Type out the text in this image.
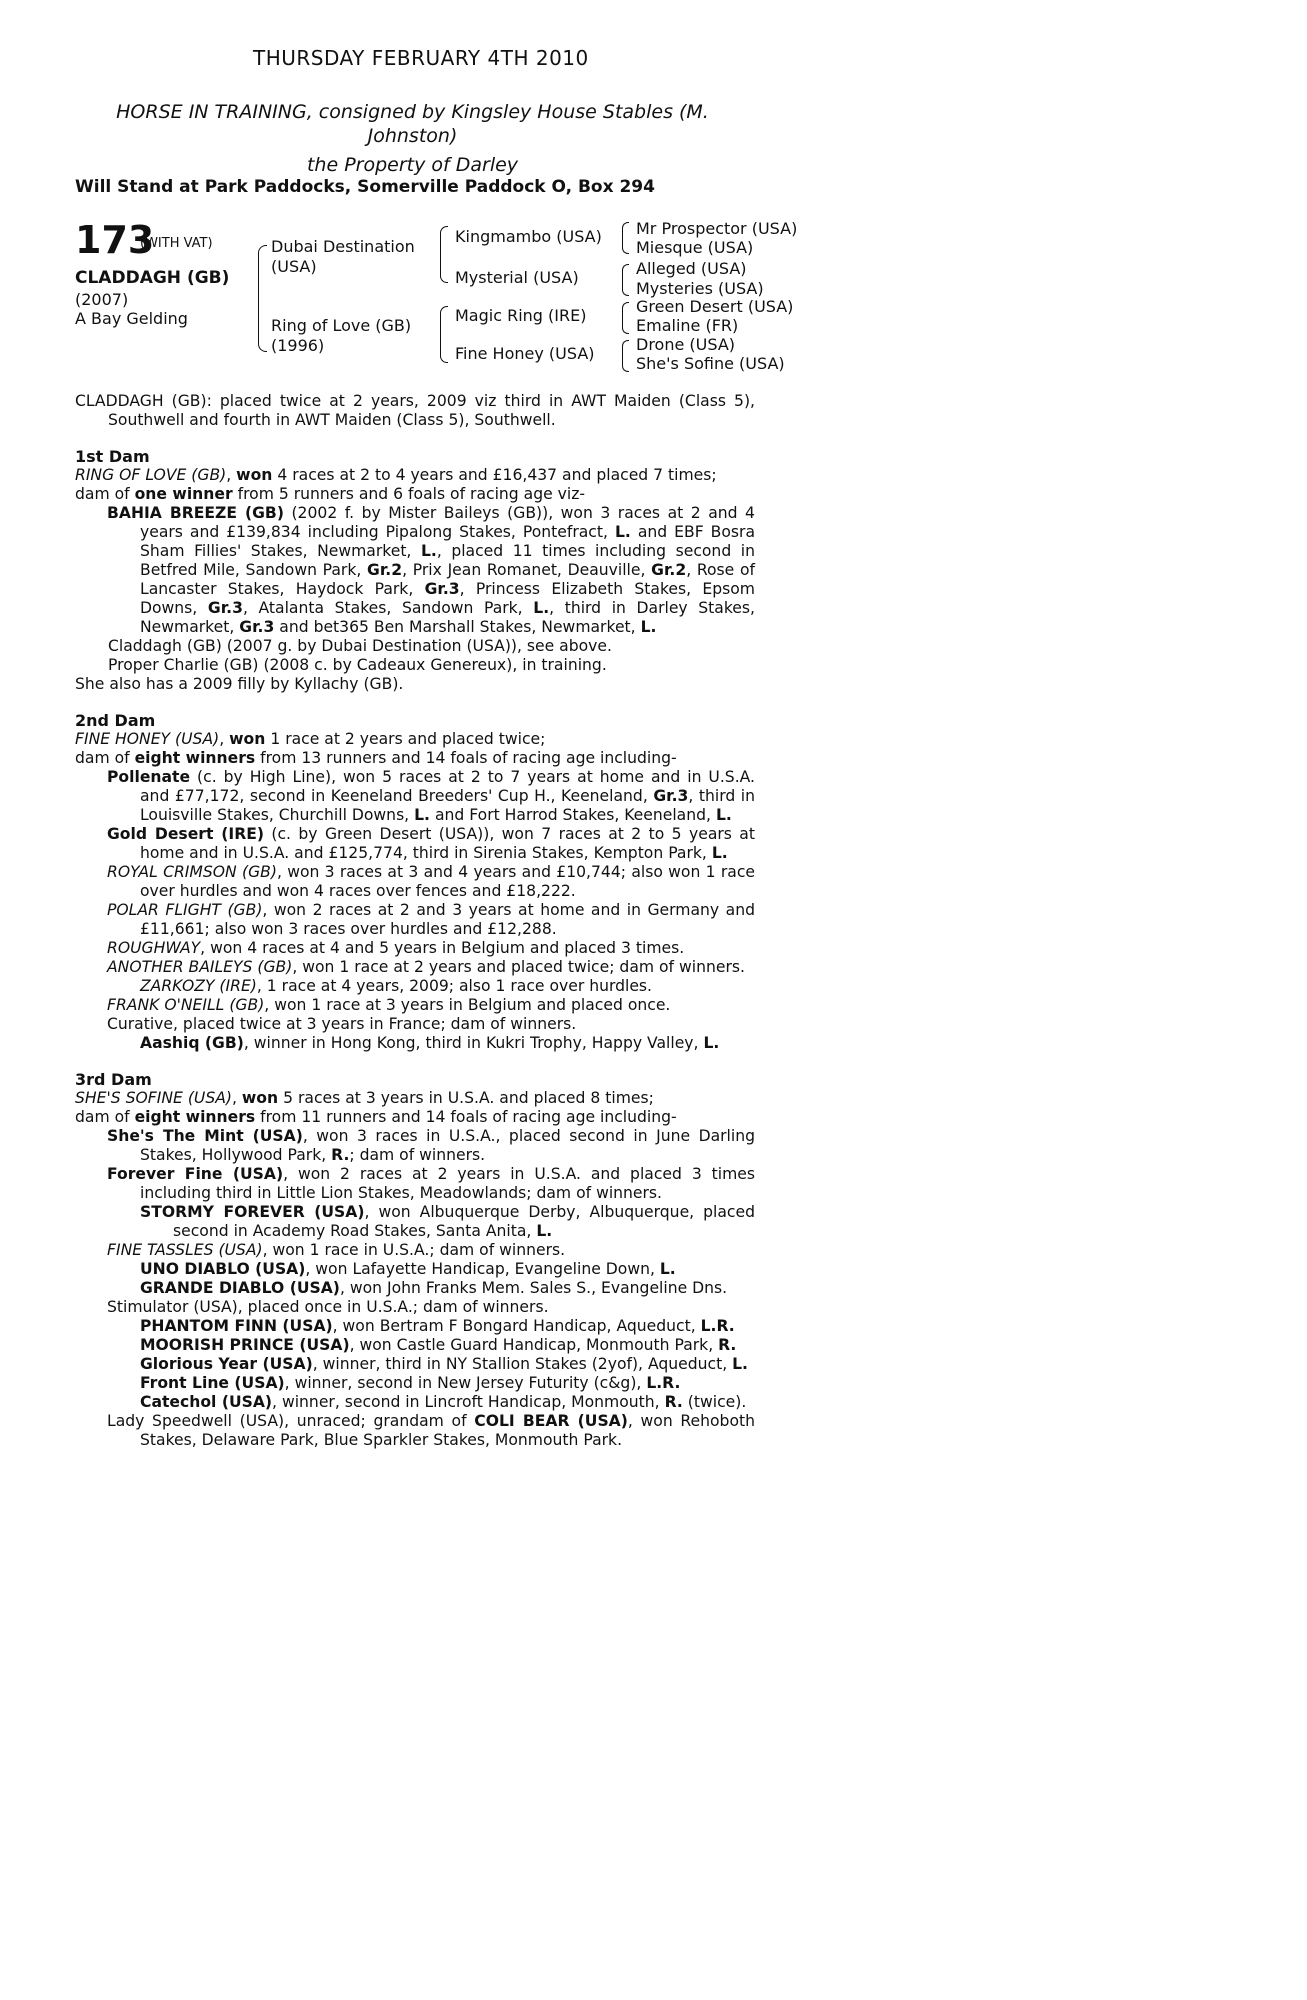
THURSDAY FEBRUARY 4TH 2010
HORSE IN TRAINING, consigned by Kingsley House Stables (M.
Johnston)
the Property of Darley
Will Stand at Park Paddocks, Somerville Paddock O, Box 294
173
(WITH VAT)
CLADDAGH (GB)
(2007)
A Bay Gelding
Dubai Destination
(USA)
Ring of Love (GB)
(1996)
Kingmambo (USA)
Mysterial (USA)
Magic Ring (IRE)
Fine Honey (USA)
Mr Prospector (USA)
Miesque (USA)
Alleged (USA)
Mysteries (USA)
Green Desert (USA)
Emaline (FR)
Drone (USA)
She's Sofine (USA)

CLADDAGH (GB): placed twice at 2 years, 2009 viz third in AWT Maiden (Class 5), Southwell and fourth in AWT Maiden (Class 5), Southwell.

1st Dam

RING OF LOVE (GB), won 4 races at 2 to 4 years and £16,437 and placed 7 times;

dam of one winner from 5 runners and 6 foals of racing age viz-

BAHIA BREEZE (GB) (2002 f. by Mister Baileys (GB)), won 3 races at 2 and 4 years and £139,834 including Pipalong Stakes, Pontefract, L. and EBF Bosra Sham Fillies' Stakes, Newmarket, L., placed 11 times including second in Betfred Mile, Sandown Park, Gr.2, Prix Jean Romanet, Deauville, Gr.2, Rose of Lancaster Stakes, Haydock Park, Gr.3, Princess Elizabeth Stakes, Epsom Downs, Gr.3, Atalanta Stakes, Sandown Park, L., third in Darley Stakes, Newmarket, Gr.3 and bet365 Ben Marshall Stakes, Newmarket, L.

Claddagh (GB) (2007 g. by Dubai Destination (USA)), see above.

Proper Charlie (GB) (2008 c. by Cadeaux Genereux), in training.

She also has a 2009 filly by Kyllachy (GB).

2nd Dam

FINE HONEY (USA), won 1 race at 2 years and placed twice;

dam of eight winners from 13 runners and 14 foals of racing age including-

Pollenate (c. by High Line), won 5 races at 2 to 7 years at home and in U.S.A. and £77,172, second in Keeneland Breeders' Cup H., Keeneland, Gr.3, third in Louisville Stakes, Churchill Downs, L. and Fort Harrod Stakes, Keeneland, L.

Gold Desert (IRE) (c. by Green Desert (USA)), won 7 races at 2 to 5 years at home and in U.S.A. and £125,774, third in Sirenia Stakes, Kempton Park, L.

ROYAL CRIMSON (GB), won 3 races at 3 and 4 years and £10,744; also won 1 race over hurdles and won 4 races over fences and £18,222.

POLAR FLIGHT (GB), won 2 races at 2 and 3 years at home and in Germany and £11,661; also won 3 races over hurdles and £12,288.

ROUGHWAY, won 4 races at 4 and 5 years in Belgium and placed 3 times.

ANOTHER BAILEYS (GB), won 1 race at 2 years and placed twice; dam of winners.

ZARKOZY (IRE), 1 race at 4 years, 2009; also 1 race over hurdles.

FRANK O'NEILL (GB), won 1 race at 3 years in Belgium and placed once.

Curative, placed twice at 3 years in France; dam of winners.

Aashiq (GB), winner in Hong Kong, third in Kukri Trophy, Happy Valley, L.

3rd Dam

SHE'S SOFINE (USA), won 5 races at 3 years in U.S.A. and placed 8 times;

dam of eight winners from 11 runners and 14 foals of racing age including-

She's The Mint (USA), won 3 races in U.S.A., placed second in June Darling Stakes, Hollywood Park, R.; dam of winners.

Forever Fine (USA), won 2 races at 2 years in U.S.A. and placed 3 times including third in Little Lion Stakes, Meadowlands; dam of winners.

STORMY FOREVER (USA), won Albuquerque Derby, Albuquerque, placed second in Academy Road Stakes, Santa Anita, L.

FINE TASSLES (USA), won 1 race in U.S.A.; dam of winners.

UNO DIABLO (USA), won Lafayette Handicap, Evangeline Down, L.

GRANDE DIABLO (USA), won John Franks Mem. Sales S., Evangeline Dns.

Stimulator (USA), placed once in U.S.A.; dam of winners.

PHANTOM FINN (USA), won Bertram F Bongard Handicap, Aqueduct, L.R.

MOORISH PRINCE (USA), won Castle Guard Handicap, Monmouth Park, R.

Glorious Year (USA), winner, third in NY Stallion Stakes (2yof), Aqueduct, L.

Front Line (USA), winner, second in New Jersey Futurity (c&g), L.R.

Catechol (USA), winner, second in Lincroft Handicap, Monmouth, R. (twice).

Lady Speedwell (USA), unraced; grandam of COLI BEAR (USA), won Rehoboth Stakes, Delaware Park, Blue Sparkler Stakes, Monmouth Park.
